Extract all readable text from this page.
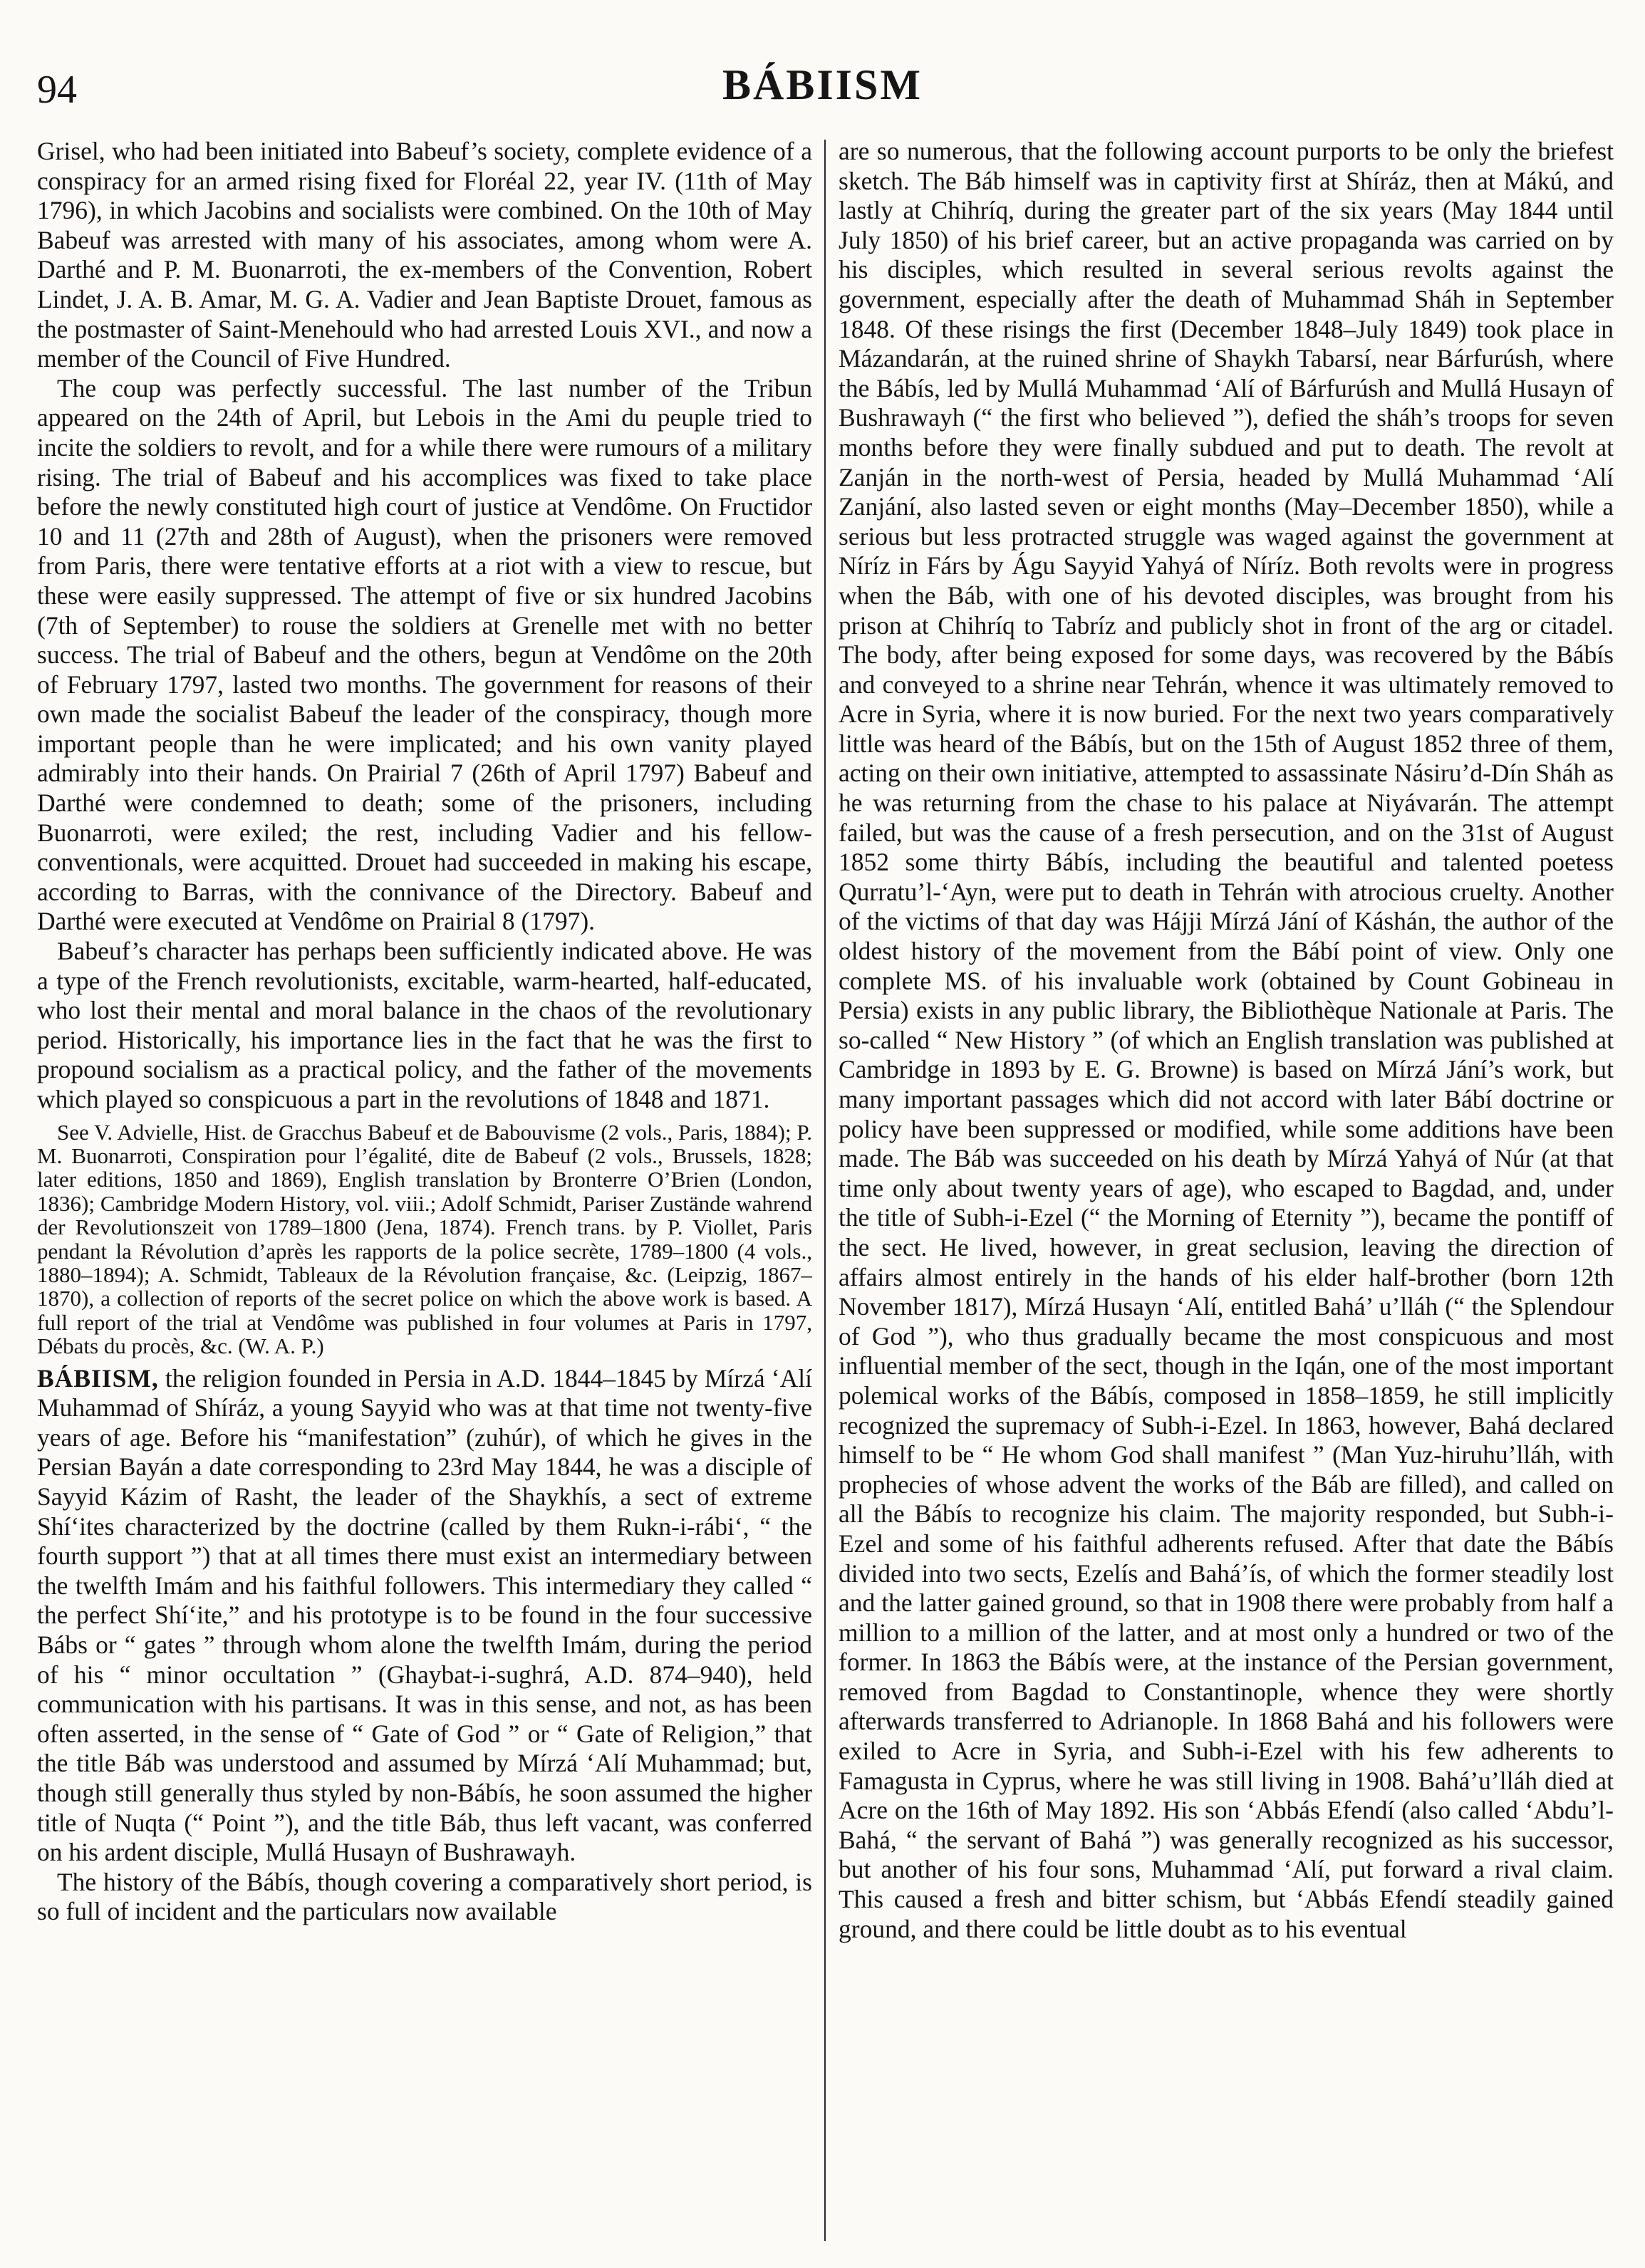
94	BÁBIISM

Grisel, who had been initiated into Babeuf’s society, complete evidence of a conspiracy for an armed rising fixed for Floréal 22, year IV. (11th of May 1796), in which Jacobins and socialists were combined. On the 10th of May Babeuf was arrested with many of his associates, among whom were A. Darthé and P. M. Buonarroti, the ex-members of the Convention, Robert Lindet, J. A. B. Amar, M. G. A. Vadier and Jean Baptiste Drouet, famous as the postmaster of Saint-Menehould who had arrested Louis XVI., and now a member of the Council of Five Hundred.

The coup was perfectly successful. The last number of the Tribun appeared on the 24th of April, but Lebois in the Ami du peuple tried to incite the soldiers to revolt, and for a while there were rumours of a military rising. The trial of Babeuf and his accomplices was fixed to take place before the newly constituted high court of justice at Vendôme. On Fructidor 10 and 11 (27th and 28th of August), when the prisoners were removed from Paris, there were tentative efforts at a riot with a view to rescue, but these were easily suppressed. The attempt of five or six hundred Jacobins (7th of September) to rouse the soldiers at Grenelle met with no better success. The trial of Babeuf and the others, begun at Vendôme on the 20th of February 1797, lasted two months. The government for reasons of their own made the socialist Babeuf the leader of the conspiracy, though more important people than he were implicated; and his own vanity played admirably into their hands. On Prairial 7 (26th of April 1797) Babeuf and Darthé were condemned to death; some of the prisoners, including Buonarroti, were exiled; the rest, including Vadier and his fellow-conventionals, were acquitted. Drouet had succeeded in making his escape, according to Barras, with the connivance of the Directory. Babeuf and Darthé were executed at Vendôme on Prairial 8 (1797).

Babeuf’s character has perhaps been sufficiently indicated above. He was a type of the French revolutionists, excitable, warm-hearted, half-educated, who lost their mental and moral balance in the chaos of the revolutionary period. Historically, his importance lies in the fact that he was the first to propound socialism as a practical policy, and the father of the movements which played so conspicuous a part in the revolutions of 1848 and 1871.

See V. Advielle, Hist. de Gracchus Babeuf et de Babouvisme (2 vols., Paris, 1884); P. M. Buonarroti, Conspiration pour l’égalité, dite de Babeuf (2 vols., Brussels, 1828; later editions, 1850 and 1869), English translation by Bronterre O’Brien (London, 1836); Cambridge Modern History, vol. viii.; Adolf Schmidt, Pariser Zustände wahrend der Revolutionszeit von 1789–1800 (Jena, 1874). French trans. by P. Viollet, Paris pendant la Révolution d’après les rapports de la police secrète, 1789–1800 (4 vols., 1880–1894); A. Schmidt, Tableaux de la Révolution française, &c. (Leipzig, 1867–1870), a collection of reports of the secret police on which the above work is based. A full report of the trial at Vendôme was published in four volumes at Paris in 1797, Débats du procès, &c. (W. A. P.)

BÁBIISM, the religion founded in Persia in A.D. 1844–1845 by Mírzá ‘Alí Muhammad of Shíráz, a young Sayyid who was at that time not twenty-five years of age. Before his “manifestation” (zuhúr), of which he gives in the Persian Bayán a date corresponding to 23rd May 1844, he was a disciple of Sayyid Kázim of Rasht, the leader of the Shaykhís, a sect of extreme Shí‘ites characterized by the doctrine (called by them Rukn-i-rábi‘, “ the fourth support ”) that at all times there must exist an intermediary between the twelfth Imám and his faithful followers. This intermediary they called “ the perfect Shí‘ite,” and his prototype is to be found in the four successive Bábs or “ gates ” through whom alone the twelfth Imám, during the period of his “ minor occultation ” (Ghaybat-i-sughrá, A.D. 874–940), held communication with his partisans. It was in this sense, and not, as has been often asserted, in the sense of “ Gate of God ” or “ Gate of Religion,” that the title Báb was understood and assumed by Mírzá ‘Alí Muhammad; but, though still generally thus styled by non-Bábís, he soon assumed the higher title of Nuqta (“ Point ”), and the title Báb, thus left vacant, was conferred on his ardent disciple, Mullá Husayn of Bushrawayh.

The history of the Bábís, though covering a comparatively short period, is so full of incident and the particulars now available

are so numerous, that the following account purports to be only the briefest sketch. The Báb himself was in captivity first at Shíráz, then at Mákú, and lastly at Chihríq, during the greater part of the six years (May 1844 until July 1850) of his brief career, but an active propaganda was carried on by his disciples, which resulted in several serious revolts against the government, especially after the death of Muhammad Sháh in September 1848. Of these risings the first (December 1848–July 1849) took place in Mázandarán, at the ruined shrine of Shaykh Tabarsí, near Bárfurúsh, where the Bábís, led by Mullá Muhammad ‘Alí of Bárfurúsh and Mullá Husayn of Bushrawayh (“ the first who believed ”), defied the sháh’s troops for seven months before they were finally subdued and put to death. The revolt at Zanján in the north-west of Persia, headed by Mullá Muhammad ‘Alí Zanjání, also lasted seven or eight months (May–December 1850), while a serious but less protracted struggle was waged against the government at Níríz in Fárs by Águ Sayyid Yahyá of Níríz. Both revolts were in progress when the Báb, with one of his devoted disciples, was brought from his prison at Chihríq to Tabríz and publicly shot in front of the arg or citadel. The body, after being exposed for some days, was recovered by the Bábís and conveyed to a shrine near Tehrán, whence it was ultimately removed to Acre in Syria, where it is now buried. For the next two years comparatively little was heard of the Bábís, but on the 15th of August 1852 three of them, acting on their own initiative, attempted to assassinate Násiru’d-Dín Sháh as he was returning from the chase to his palace at Niyávarán. The attempt failed, but was the cause of a fresh persecution, and on the 31st of August 1852 some thirty Bábís, including the beautiful and talented poetess Qurratu’l-‘Ayn, were put to death in Tehrán with atrocious cruelty. Another of the victims of that day was Hájji Mírzá Jání of Káshán, the author of the oldest history of the movement from the Bábí point of view. Only one complete MS. of his invaluable work (obtained by Count Gobineau in Persia) exists in any public library, the Bibliothèque Nationale at Paris. The so-called “ New History ” (of which an English translation was published at Cambridge in 1893 by E. G. Browne) is based on Mírzá Jání’s work, but many important passages which did not accord with later Bábí doctrine or policy have been suppressed or modified, while some additions have been made. The Báb was succeeded on his death by Mírzá Yahyá of Núr (at that time only about twenty years of age), who escaped to Bagdad, and, under the title of Subh-i-Ezel (“ the Morning of Eternity ”), became the pontiff of the sect. He lived, however, in great seclusion, leaving the direction of affairs almost entirely in the hands of his elder half-brother (born 12th November 1817), Mírzá Husayn ‘Alí, entitled Bahá’ u’lláh (“ the Splendour of God ”), who thus gradually became the most conspicuous and most influential member of the sect, though in the Iqán, one of the most important polemical works of the Bábís, composed in 1858–1859, he still implicitly recognized the supremacy of Subh-i-Ezel. In 1863, however, Bahá declared himself to be “ He whom God shall manifest ” (Man Yuz-hiruhu’lláh, with prophecies of whose advent the works of the Báb are filled), and called on all the Bábís to recognize his claim. The majority responded, but Subh-i-Ezel and some of his faithful adherents refused. After that date the Bábís divided into two sects, Ezelís and Bahá’ís, of which the former steadily lost and the latter gained ground, so that in 1908 there were probably from half a million to a million of the latter, and at most only a hundred or two of the former. In 1863 the Bábís were, at the instance of the Persian government, removed from Bagdad to Constantinople, whence they were shortly afterwards transferred to Adrianople. In 1868 Bahá and his followers were exiled to Acre in Syria, and Subh-i-Ezel with his few adherents to Famagusta in Cyprus, where he was still living in 1908. Bahá’u’lláh died at Acre on the 16th of May 1892. His son ‘Abbás Efendí (also called ‘Abdu’l-Bahá, “ the servant of Bahá ”) was generally recognized as his successor, but another of his four sons, Muhammad ‘Alí, put forward a rival claim. This caused a fresh and bitter schism, but ‘Abbás Efendí steadily gained ground, and there could be little doubt as to his eventual
